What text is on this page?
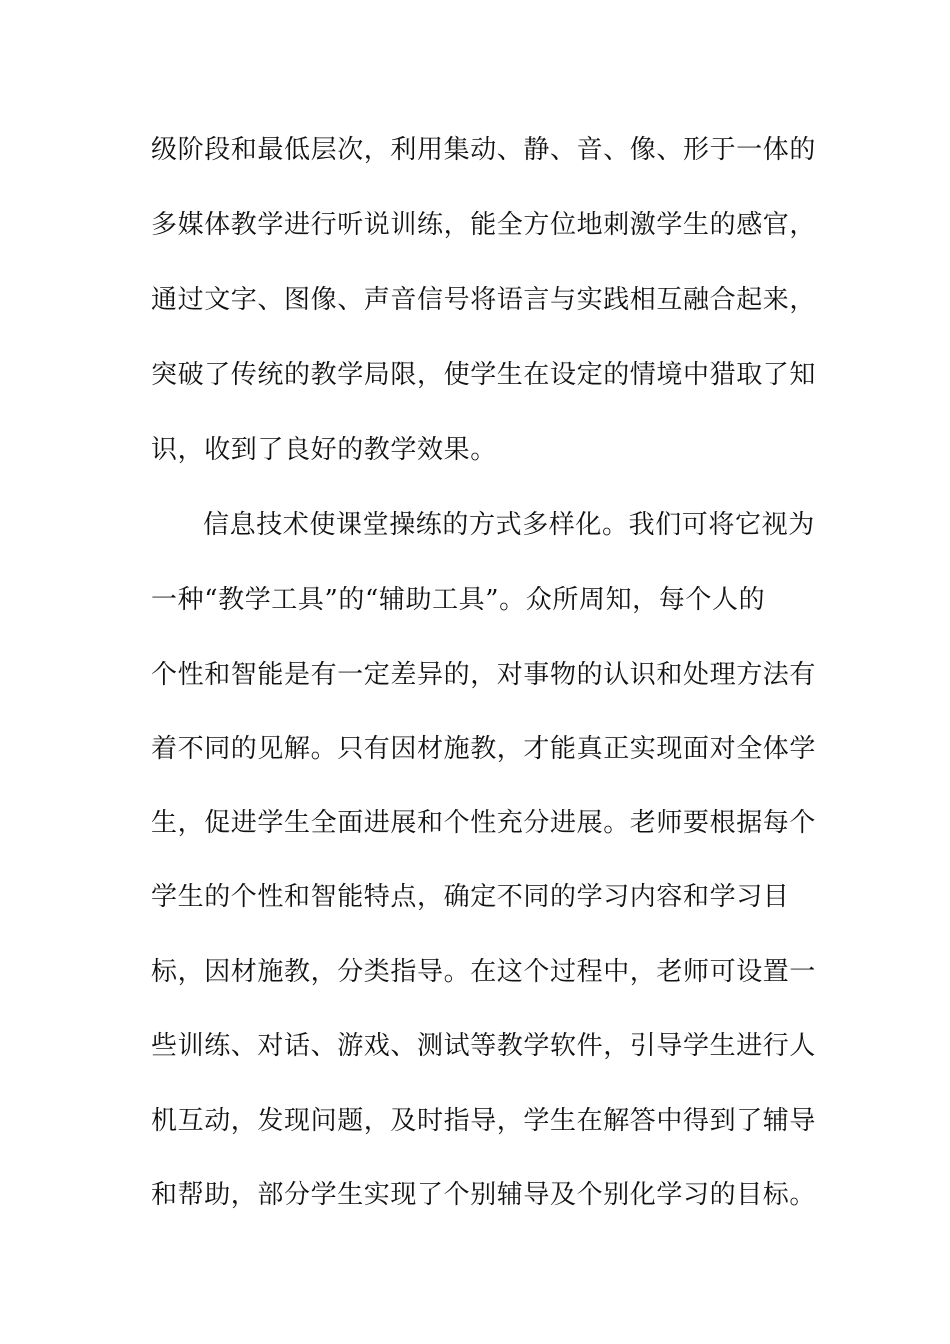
级阶段和最低层次，利用集动、静、音、像、形于一体的
多媒体教学进行听说训练，能全方位地刺激学生的感官，
通过文字、图像、声音信号将语言与实践相互融合起来，
突破了传统的教学局限，使学生在设定的情境中猎取了知
识，收到了良好的教学效果。
信息技术使课堂操练的方式多样化。我们可将它视为
一种“教学工具”的“辅助工具”。众所周知，每个人的
个性和智能是有一定差异的，对事物的认识和处理方法有
着不同的见解。只有因材施教，才能真正实现面对全体学
生，促进学生全面进展和个性充分进展。老师要根据每个
学生的个性和智能特点，确定不同的学习内容和学习目
标，因材施教，分类指导。在这个过程中，老师可设置一
些训练、对话、游戏、测试等教学软件，引导学生进行人
机互动，发现问题，及时指导，学生在解答中得到了辅导
和帮助，部分学生实现了个别辅导及个别化学习的目标。
